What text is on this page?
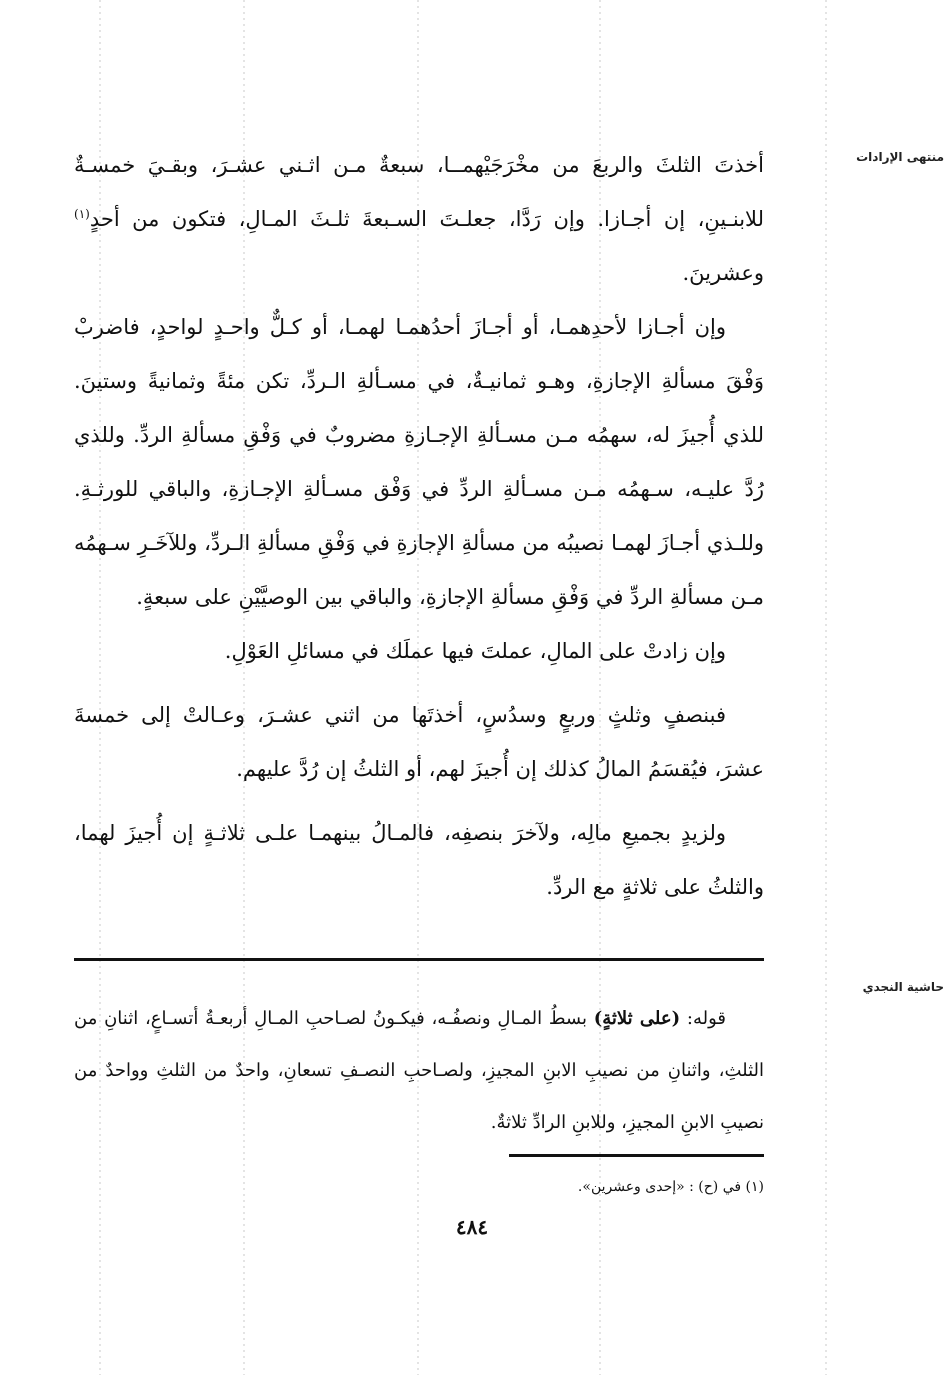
منتهى الإرادات

أخذتَ الثلثَ والربعَ من مخْرَجَيْهمــا، سبعةٌ مـن اثـني عشـرَ، وبقـيَ خمسـةٌ للابنـينِ، إن أجـازا. وإن رَدَّا، جعلـتَ السـبعةَ ثلـثَ المـالِ، فتكون من أحدٍ$^{(١)}$ وعشرينَ.

وإن أجـازا لأحدِهمـا، أو أجـازَ أحدُهمـا لهمـا، أو كـلٌّ واحـدٍ لواحدٍ، فاضربْ وَفْقَ مسألةِ الإجازةِ، وهـو ثمانيـةٌ، في مسـألةِ الـردِّ، تكن مئةً وثمانيةً وستينَ. للذي أُجيزَ له، سهمُه مـن مسـألةِ الإجـازةِ مضروبٌ في وَفْقِ مسألةِ الردِّ. وللذي رُدَّ عليـه، سـهمُه مـن مسـألةِ الردِّ في وَفْق مسـألةِ الإجـازةِ، والباقي للورثـةِ. وللـذي أجـازَ لهمـا نصيبُه من مسألةِ الإجازةِ في وَفْقِ مسألةِ الـردِّ، وللآخَـرِ سـهمُه مـن مسألةِ الردِّ في وَفْقِ مسألةِ الإجازةِ، والباقي بين الوصيَّيْنِ على سبعةٍ.

وإن زادتْ على المالِ، عملتَ فيها عملَك في مسائلِ العَوْلِ.

فبنصفٍ وثلثٍ وربعٍ وسدُسٍ، أخذتَها من اثني عشـرَ، وعـالتْ إلى خمسةَ عشرَ، فيُقسَمُ المالُ كذلك إن أُجيزَ لهم، أو الثلثُ إن رُدَّ عليهم.

ولزيدٍ بجميعِ مالِه، ولآخرَ بنصفِه، فالمـالُ بينهمـا علـى ثلاثـةٍ إن أُجيزَ لهما، والثلثُ على ثلاثةٍ مع الردِّ.

حاشية النجدي

قوله: (على ثلاثةٍ) بسطُ المـالِ ونصفُـه، فيكـونُ لصـاحبِ المـالِ أربعـةُ أتسـاعٍ، اثنانِ من الثلثِ، واثنانِ من نصيبِ الابنِ المجيزِ، ولصـاحبِ النصـفِ تسعانِ، واحدٌ من الثلثِ وواحدٌ من نصيبِ الابنِ المجيزِ، وللابنِ الرادِّ ثلاثةٌ.

(١) في (ح) : «إحدى وعشرين».
٤٨٤
